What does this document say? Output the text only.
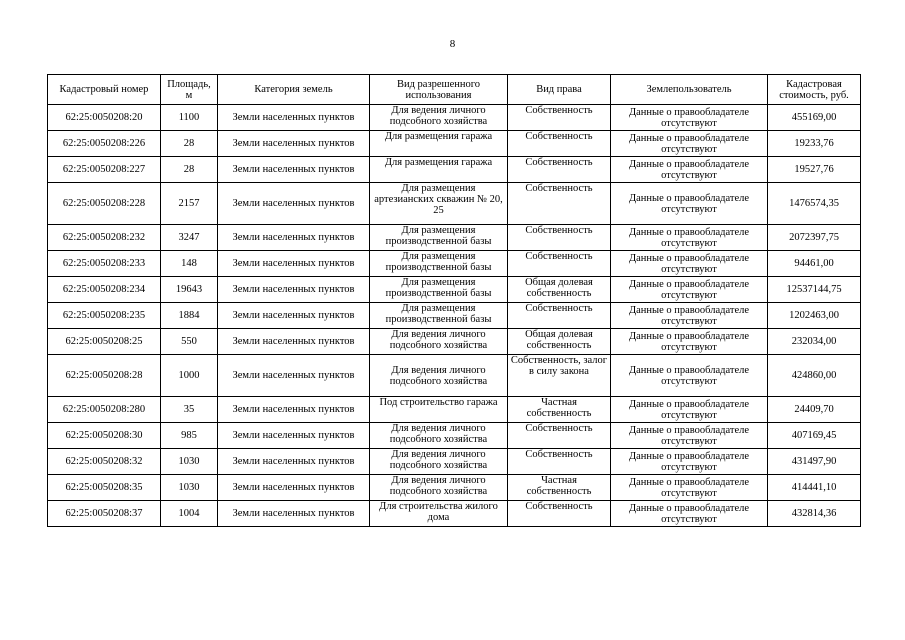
8
Кадастровый номер	Площадь, м	Категория земель	Вид разрешенного использования	Вид права	Землепользователь	Кадастровая стоимость, руб.
62:25:0050208:20	1100	Земли населенных пунктов	Для ведения личного подсобного хозяйства	Собственность	Данные о правообладателе отсутствуют	455169,00
62:25:0050208:226	28	Земли населенных пунктов	Для размещения гаража	Собственность	Данные о правообладателе отсутствуют	19233,76
62:25:0050208:227	28	Земли населенных пунктов	Для размещения гаража	Собственность	Данные о правообладателе отсутствуют	19527,76
62:25:0050208:228	2157	Земли населенных пунктов	Для размещения артезианских скважин № 20, 25	Собственность	Данные о правообладателе отсутствуют	1476574,35
62:25:0050208:232	3247	Земли населенных пунктов	Для размещения производственной базы	Собственность	Данные о правообладателе отсутствуют	2072397,75
62:25:0050208:233	148	Земли населенных пунктов	Для размещения производственной базы	Собственность	Данные о правообладателе отсутствуют	94461,00
62:25:0050208:234	19643	Земли населенных пунктов	Для размещения производственной базы	Общая долевая собственность	Данные о правообладателе отсутствуют	12537144,75
62:25:0050208:235	1884	Земли населенных пунктов	Для размещения производственной базы	Собственность	Данные о правообладателе отсутствуют	1202463,00
62:25:0050208:25	550	Земли населенных пунктов	Для ведения личного подсобного хозяйства	Общая долевая собственность	Данные о правообладателе отсутствуют	232034,00
62:25:0050208:28	1000	Земли населенных пунктов	Для ведения личного подсобного хозяйства	Собственность, залог в силу закона	Данные о правообладателе отсутствуют	424860,00
62:25:0050208:280	35	Земли населенных пунктов	Под строительство гаража	Частная собственность	Данные о правообладателе отсутствуют	24409,70
62:25:0050208:30	985	Земли населенных пунктов	Для ведения личного подсобного хозяйства	Собственность	Данные о правообладателе отсутствуют	407169,45
62:25:0050208:32	1030	Земли населенных пунктов	Для ведения личного подсобного хозяйства	Собственность	Данные о правообладателе отсутствуют	431497,90
62:25:0050208:35	1030	Земли населенных пунктов	Для ведения личного подсобного хозяйства	Частная собственность	Данные о правообладателе отсутствуют	414441,10
62:25:0050208:37	1004	Земли населенных пунктов	Для строительства жилого дома	Собственность	Данные о правообладателе отсутствуют	432814,36
